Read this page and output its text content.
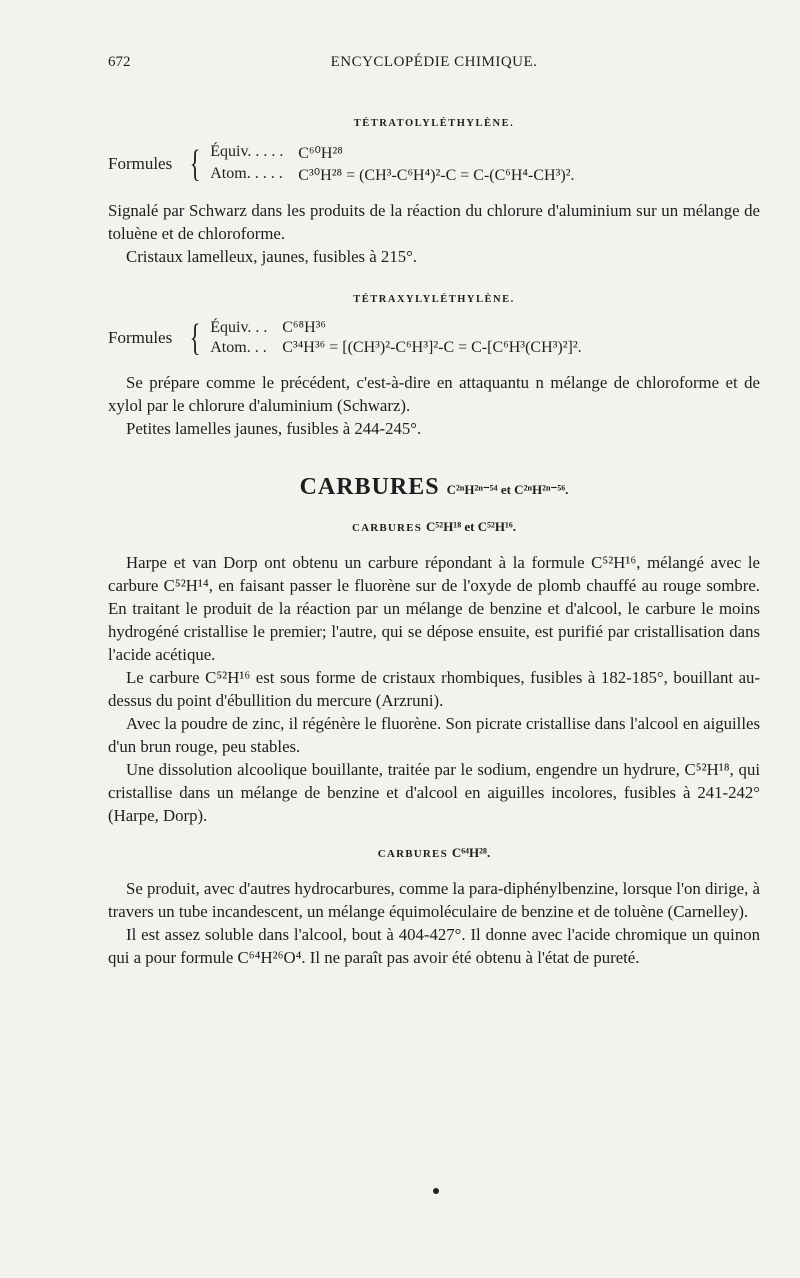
672	ENCYCLOPÉDIE CHIMIQUE.
TÉTRATOLYLÉTHYLÈNE.
Formules { Équiv. . . . . C⁶⁰H²⁸
Atom. . . . . C³⁰H²⁸ = (CH³-C⁶H⁴)²-C = C-(C⁶H⁴-CH³)².

Signalé par Schwarz dans les produits de la réaction du chlorure d'aluminium sur un mélange de toluène et de chloroforme.

Cristaux lamelleux, jaunes, fusibles à 215°.

TÉTRAXYLYLÉTHYLÈNE.
Formules { Équiv. . . C⁶⁸H³⁶
Atom. . . C³⁴H³⁶ = [(CH³)²-C⁶H³]²-C = C-[C⁶H³(CH³)²]².

Se prépare comme le précédent, c'est-à-dire en attaquantu n mélange de chloroforme et de xylol par le chlorure d'aluminium (Schwarz).

Petites lamelles jaunes, fusibles à 244-245°.

CARBURES C²ⁿH²ⁿ⁻⁵⁴ et C²ⁿH²ⁿ⁻⁵⁶.
CARBURES C⁵²H¹⁸ et C⁵²H¹⁶.

Harpe et van Dorp ont obtenu un carbure répondant à la formule C⁵²H¹⁶, mélangé avec le carbure C⁵²H¹⁴, en faisant passer le fluorène sur de l'oxyde de plomb chauffé au rouge sombre. En traitant le produit de la réaction par un mélange de benzine et d'alcool, le carbure le moins hydrogéné cristallise le premier; l'autre, qui se dépose ensuite, est purifié par cristallisation dans l'acide acétique.

Le carbure C⁵²H¹⁶ est sous forme de cristaux rhombiques, fusibles à 182-185°, bouillant au-dessus du point d'ébullition du mercure (Arzruni).

Avec la poudre de zinc, il régénère le fluorène. Son picrate cristallise dans l'alcool en aiguilles d'un brun rouge, peu stables.

Une dissolution alcoolique bouillante, traitée par le sodium, engendre un hydrure, C⁵²H¹⁸, qui cristallise dans un mélange de benzine et d'alcool en aiguilles incolores, fusibles à 241-242° (Harpe, Dorp).

CARBURES C⁶⁴H²⁸.

Se produit, avec d'autres hydrocarbures, comme la para-diphénylbenzine, lorsque l'on dirige, à travers un tube incandescent, un mélange équimoléculaire de benzine et de toluène (Carnelley).

Il est assez soluble dans l'alcool, bout à 404-427°. Il donne avec l'acide chromique un quinon qui a pour formule C⁶⁴H²⁶O⁴. Il ne paraît pas avoir été obtenu à l'état de pureté.
